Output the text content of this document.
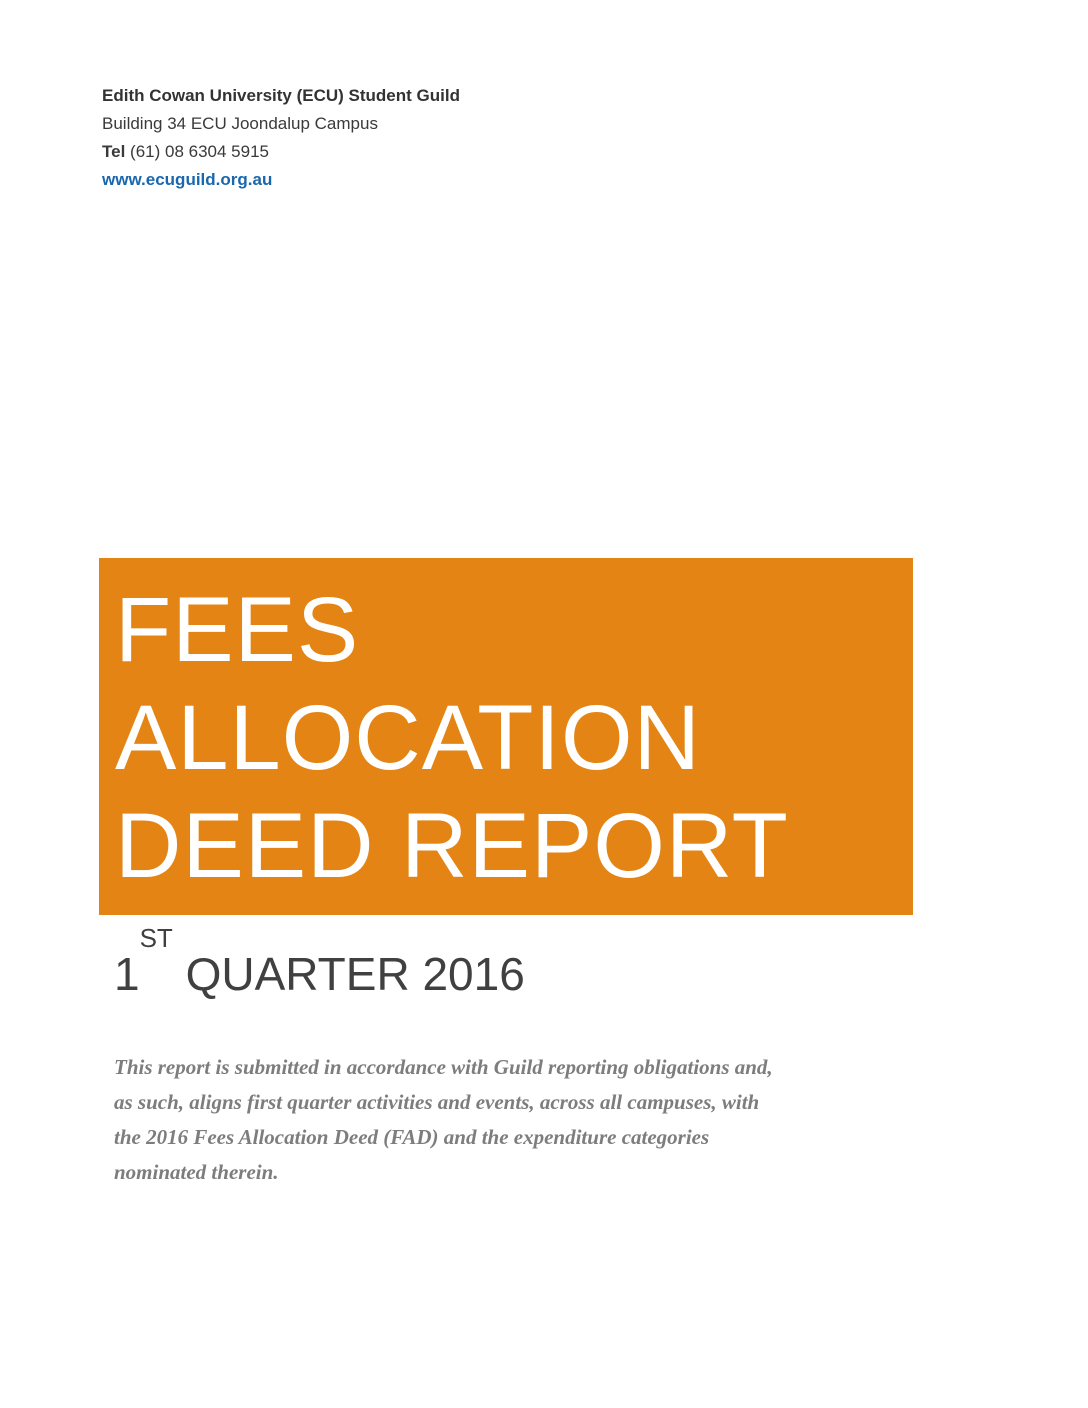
Edith Cowan University (ECU) Student Guild
Building 34 ECU Joondalup Campus
Tel (61) 08 6304 5915
www.ecuguild.org.au
FEES
ALLOCATION
DEED REPORT
1ST QUARTER 2016
This report is submitted in accordance with Guild reporting obligations and,
as such, aligns first quarter activities and events, across all campuses, with
the 2016 Fees Allocation Deed (FAD) and the expenditure categories
nominated therein.
